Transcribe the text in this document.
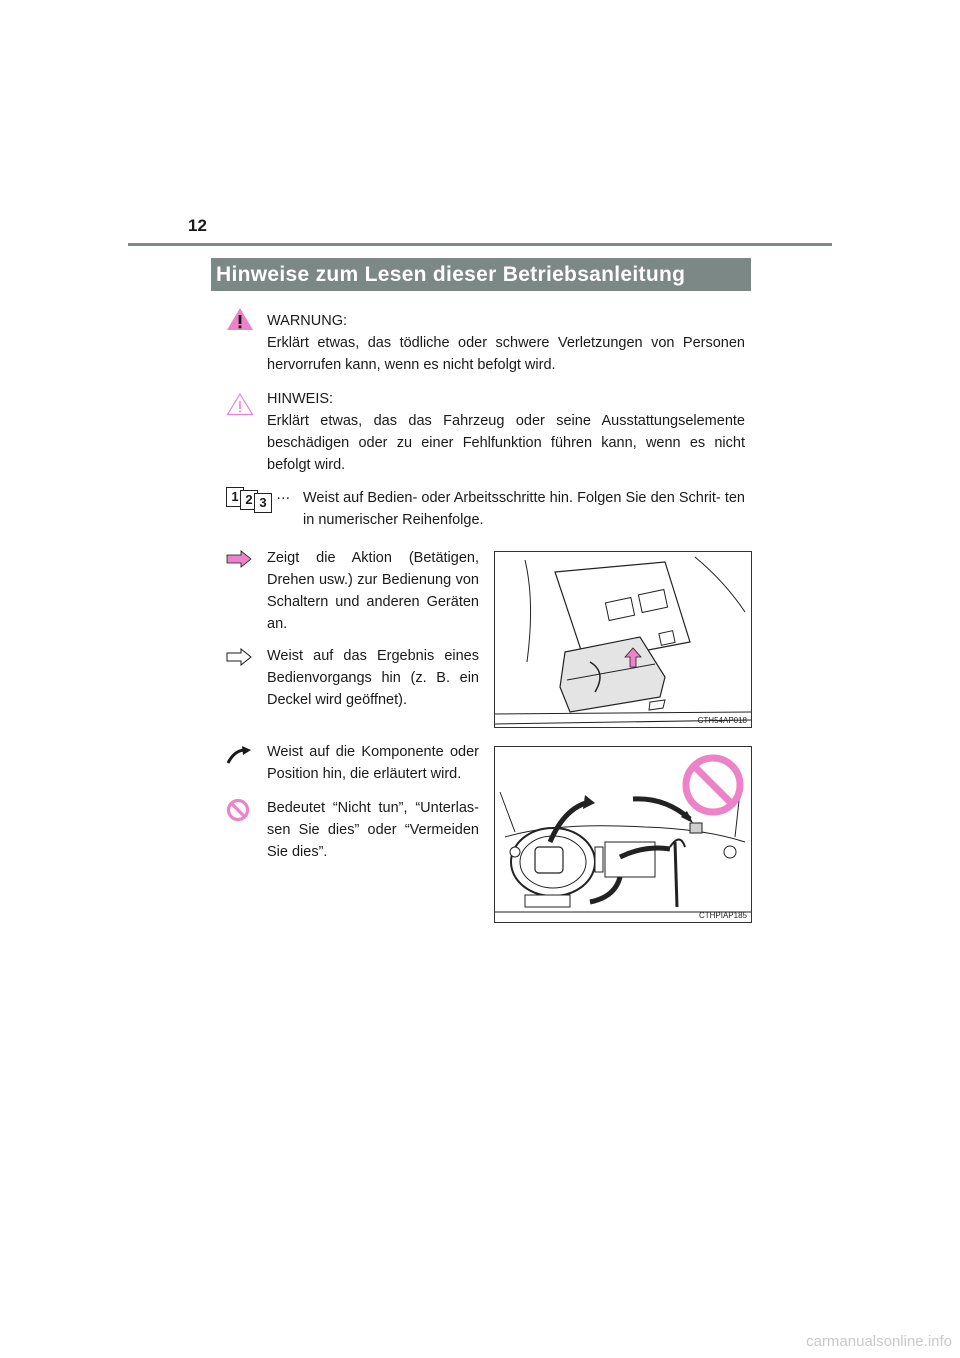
12
Hinweise zum Lesen dieser Betriebsanleitung

WARNUNG:

Erklärt etwas, das tödliche oder schwere Verletzungen von Personen hervorrufen kann, wenn es nicht befolgt wird.

HINWEIS:

Erklärt etwas, das das Fahrzeug oder seine Ausstattungselemente beschädigen oder zu einer Fehlfunktion führen kann, wenn es nicht befolgt wird.

1 2 3 … Weist auf Bedien- oder Arbeitsschritte hin. Folgen Sie den Schrit- ten in numerischer Reihenfolge.
Zeigt die Aktion (Betätigen, Drehen usw.) zur Bedienung von Schaltern und anderen Geräten an.
Weist auf das Ergebnis eines Bedienvorgangs hin (z. B. ein Deckel wird geöffnet).
Weist auf die Komponente oder Position hin, die erläutert wird.
Bedeutet “Nicht tun”, “Unterlas- sen Sie dies” oder “Vermeiden Sie dies”.
CTH54AP018
CTHPIAP185
carmanualsonline.info
